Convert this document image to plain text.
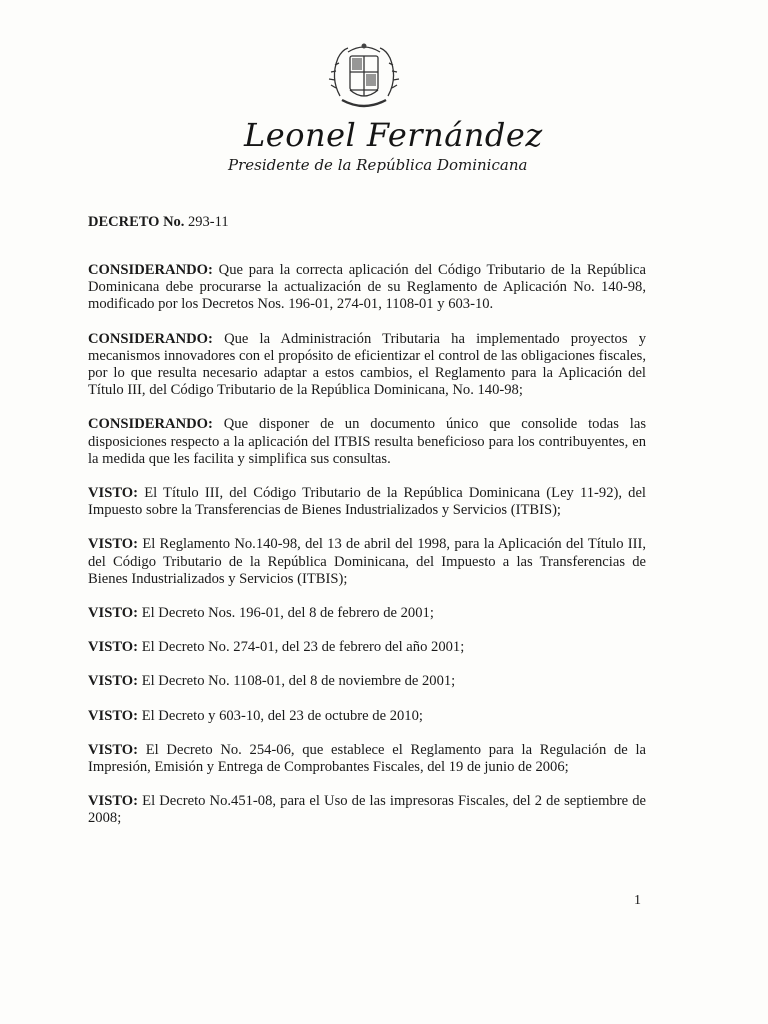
Leonel Fernández
Presidente de la República Dominicana
DECRETO No. 293-11

CONSIDERANDO: Que para la correcta aplicación del Código Tributario de la República Dominicana debe procurarse la actualización de su Reglamento de Aplicación No. 140-98, modificado por los Decretos Nos. 196-01, 274-01, 1108-01 y 603-10.

CONSIDERANDO: Que la Administración Tributaria ha implementado proyectos y mecanismos innovadores con el propósito de eficientizar el control de las obligaciones fiscales, por lo que resulta necesario adaptar a estos cambios, el Reglamento para la Aplicación del Título III, del Código Tributario de la República Dominicana, No. 140-98;

CONSIDERANDO: Que disponer de un documento único que consolide todas las disposiciones respecto a la aplicación del ITBIS resulta beneficioso para los contribuyentes, en la medida que les facilita y simplifica sus consultas.

VISTO: El Título III, del Código Tributario de la República Dominicana (Ley 11-92), del Impuesto sobre la Transferencias de Bienes Industrializados y Servicios (ITBIS);

VISTO: El Reglamento No.140-98, del 13 de abril del 1998, para la Aplicación del Título III, del Código Tributario de la República Dominicana, del Impuesto a las Transferencias de Bienes Industrializados y Servicios (ITBIS);

VISTO: El Decreto Nos. 196-01, del 8 de febrero de 2001;

VISTO: El Decreto No. 274-01, del 23 de febrero del año 2001;

VISTO: El Decreto No. 1108-01, del 8 de noviembre de 2001;

VISTO: El Decreto y 603-10, del 23 de octubre de 2010;

VISTO: El Decreto No. 254-06, que establece el Reglamento para la Regulación de la Impresión, Emisión y Entrega de Comprobantes Fiscales, del 19 de junio de 2006;

VISTO: El Decreto No.451-08, para el Uso de las impresoras Fiscales, del 2 de septiembre de 2008;

1
